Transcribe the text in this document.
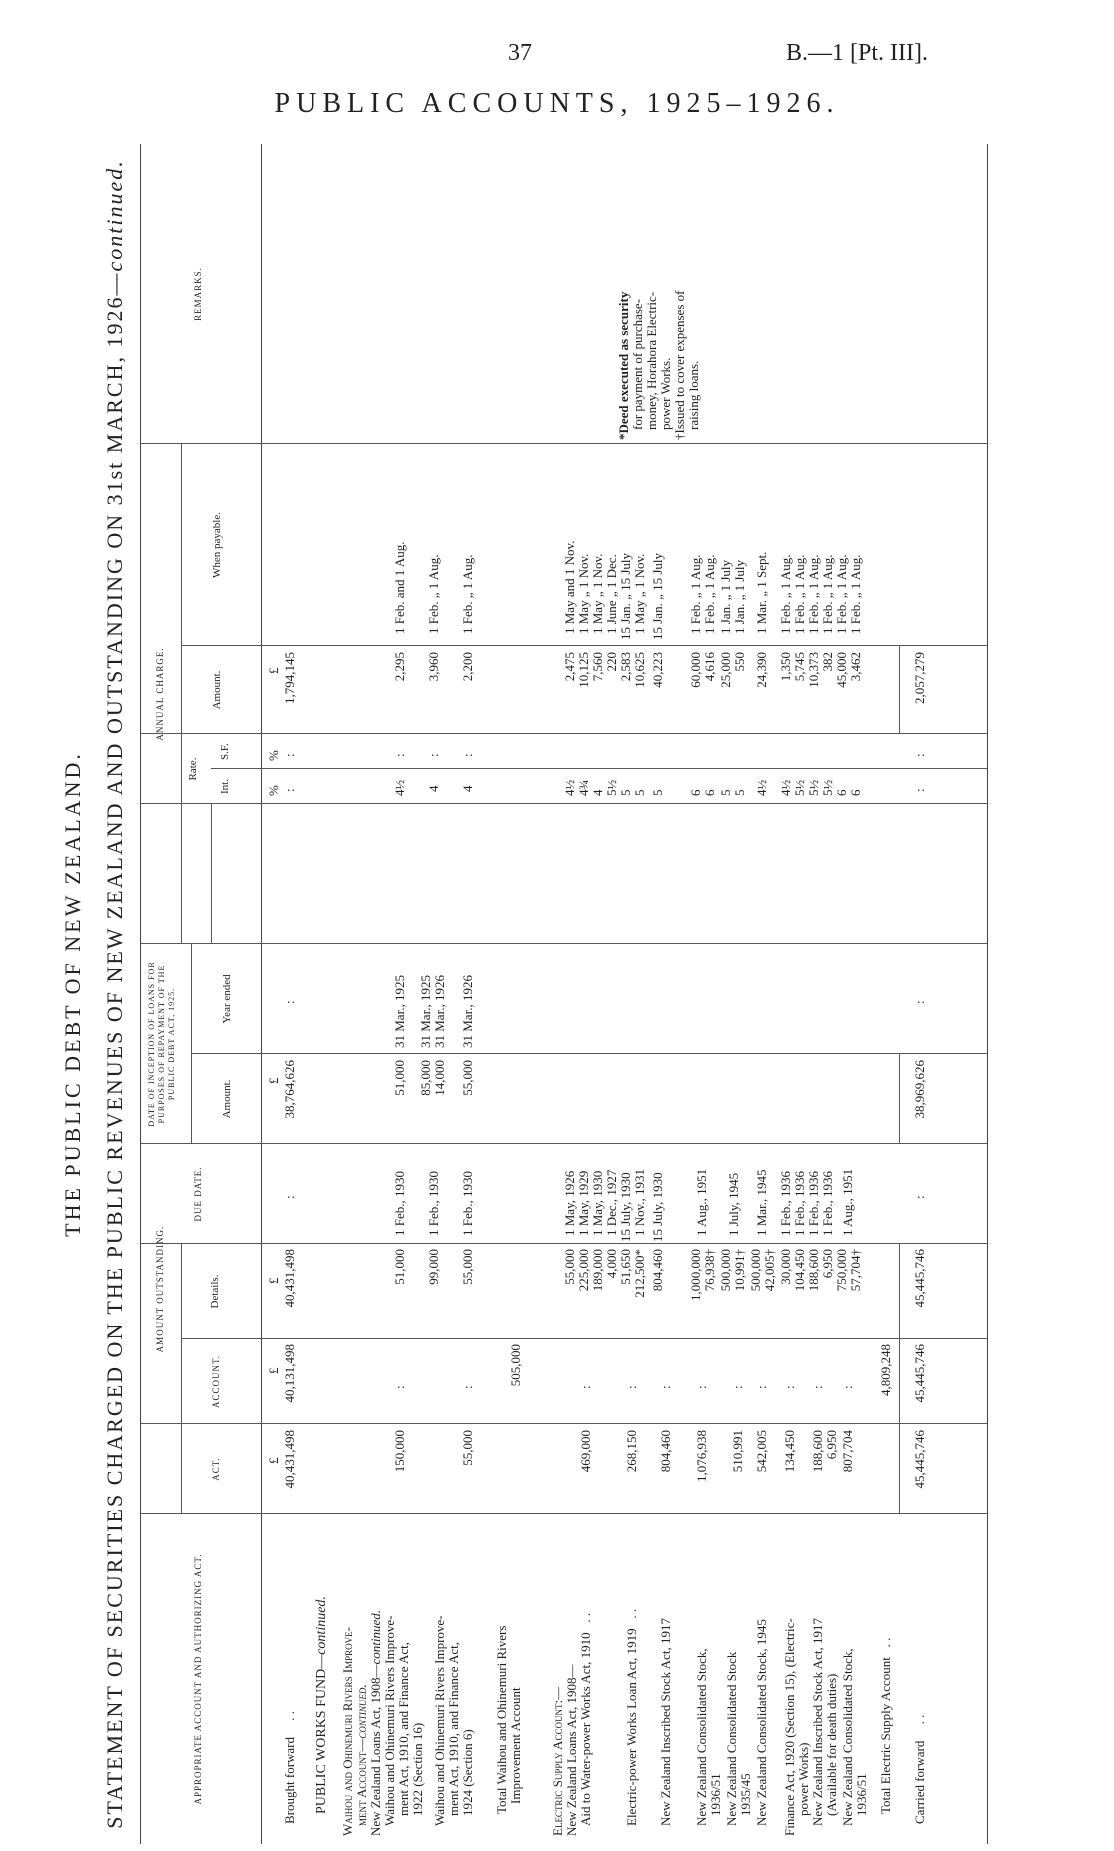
37	B.—1 [Pt. III].
PUBLIC ACCOUNTS, 1925–1926.
THE PUBLIC DEBT OF NEW ZEALAND. STATEMENT OF SECURITIES CHARGED ON THE PUBLIC REVENUES OF NEW ZEALAND AND OUTSTANDING ON 31st MARCH, 1926—continued.
APPROPRIATE ACCOUNT AND AUTHORIZING ACT.
AMOUNT OUTSTANDING.
ACT.
ACCOUNT.
Details.
DUE DATE.
DATE OF INCEPTION OF LOANS FOR PURPOSES OF REPAYMENT OF THE PUBLIC DEBT ACT, 1925.	Amount.
Year ended
ANNUAL CHARGE.
Rate.
Int.
S.F.
Amount.
When payable.
REMARKS.
£
£
£
£
%
%
£
Brought forward     . .
40,431,498
40,131,498
40,431,498
:
38,764,626
:
:
:
1,794,145
PUBLIC WORKS FUND—continued.
Waihou and Ohinemuri Rivers Improve- ment Account—continued. New Zealand Loans Act, 1908—continued.
150,000
:
51,000
1 Feb., 1930
51,000
31 Mar., 1925
4½
:
2,295
1 Feb. and 1 Aug.
Waihou and Ohinemuri Rivers Improve- ment Act, 1910, and Finance Act, 1922 (Section 16)
99,000
1 Feb., 1930
85,000 14,000
31 Mar., 1925 31 Mar., 1926
4
:
3,960
1 Feb. „ 1 Aug.
Waihou and Ohinemuri Rivers Improve- ment Act, 1910, and Finance Act, 1924 (Section 6)
55,000
:
55,000
1 Feb., 1930
55,000
31 Mar., 1926
4
:
2,200
1 Feb. „ 1 Aug.
Total Waihou and Ohinemuri Rivers Improvement Account
505,000
Electric Supply Account:— New Zealand Loans Act, 1908— Aid to Water-power Works Act, 1910   . .
469,000
:
55,000 225,000 189,000
1 May, 1926 1 May, 1929 1 May, 1930
4½ 4¾ 4
2,475 10,125 7,560
1 May and 1 Nov. 1 May „ 1 Nov. 1 May „ 1 Nov.
Electric-power Works Loan Act, 1919   . .
268,150
:
4,000 51,650 212,500*
1 Dec., 1927 15 July, 1930 1 Nov., 1931
5½ 5 5
220 2,583 10,625
1 June „ 1 Dec. 15 Jan. „ 15 July 1 May „ 1 Nov.
New Zealand Inscribed Stock Act, 1917
804,460
:
804,460
15 July, 1930
5
40,223
15 Jan. „ 15 July
New Zealand Consolidated Stock, 1936/51
1,076,938
:
1,000,000 76,938†
1 Aug., 1951
6 6
60,000 4,616
1 Feb. „ 1 Aug. 1 Feb. „ 1 Aug.
New Zealand Consolidated Stock 1935/45
510,991
:
500,000 10,991†
1 July, 1945
5 5
25,000 550
1 Jan. „ 1 July 1 Jan. „ 1 July
New Zealand Consolidated Stock, 1945
542,005
:
500,000 42,005†
1 Mar., 1945
4½
24,390
1 Mar. „ 1 Sept.
Finance Act, 1920 (Section 15), (Electric- power Works)
134,450
:
30,000 104,450
1 Feb., 1936 1 Feb., 1936
4½ 5½
1,350 5,745
1 Feb. „ 1 Aug. 1 Feb. „ 1 Aug.
New Zealand Inscribed Stock Act, 1917 (Available for death duties)
188,600 6,950
:
188,600 6,950
1 Feb., 1936 1 Feb., 1936
5½ 5½
10,373 382
1 Feb. „ 1 Aug. 1 Feb. „ 1 Aug.
New Zealand Consolidated Stock, 1936/51
807,704
:
750,000 57,704†
1 Aug., 1951
6 6
45,000 3,462
1 Feb. „ 1 Aug. 1 Feb. „ 1 Aug.
Total Electric Supply Account   . .
4,809,248
Carried forward     . .
45,445,746
45,445,746
45,445,746
:
38,969,626
:
:
:
2,057,279
*Deed executed as security for payment of purchase- money, Horahora Electric- power Works. †Issued to cover expenses of raising loans.
